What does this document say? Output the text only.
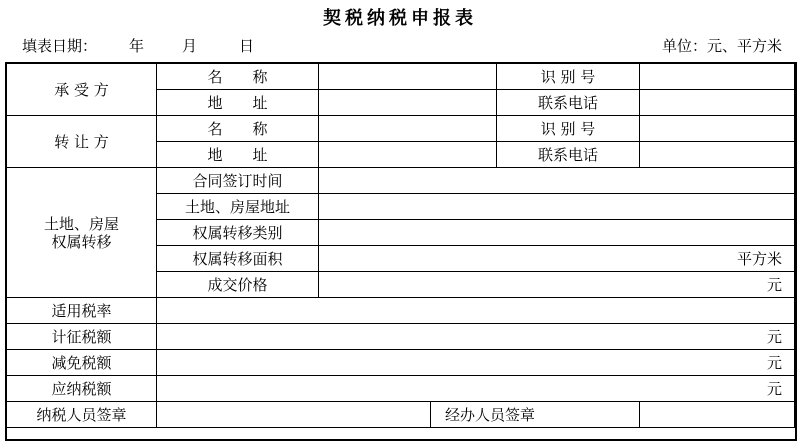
契税纳税申报表
填表日期： 年	月	日	单位：元、平方米
承 受 方	名　　称			识 别 号	
	地　　址			联系电话	
转 让 方	名　　称			识 别 号	
	地　　址			联系电话	

土地、房屋
权属转移	合同签订时间				
	土地、房屋地址				
	权属转移类别				
	权属转移面积	平方米			
	成交价格	元			
适用税率					
计征税额	元				
减免税额	元				
应纳税额	元				
纳税人员签章			经办人员签章		
